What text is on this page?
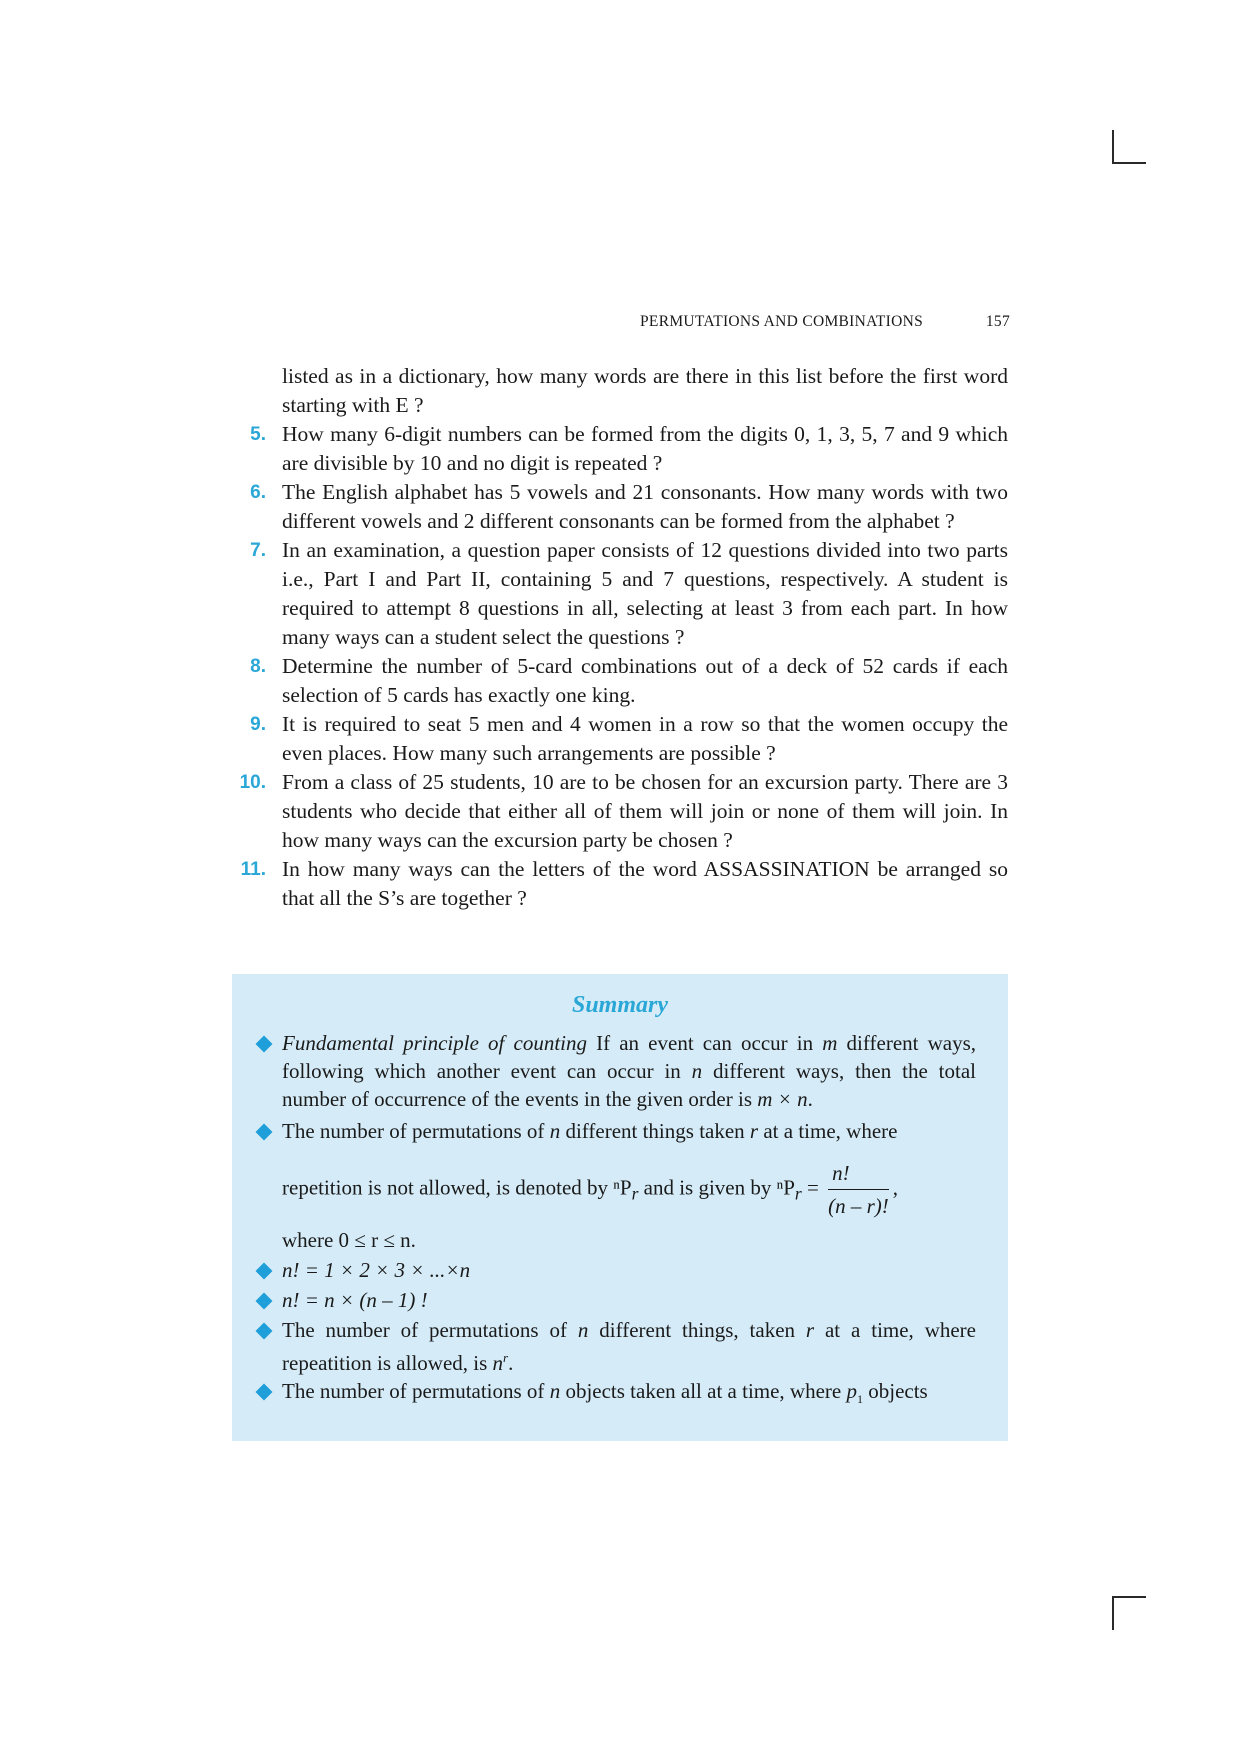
PERMUTATIONS AND COMBINATIONS	157
listed as in a dictionary, how many words are there in this list before the first word starting with E ?
5. How many 6-digit numbers can be formed from the digits 0, 1, 3, 5, 7 and 9 which are divisible by 10 and no digit is repeated ?
6. The English alphabet has 5 vowels and 21 consonants. How many words with two different vowels and 2 different consonants can be formed from the alphabet ?
7. In an examination, a question paper consists of 12 questions divided into two parts i.e., Part I and Part II, containing 5 and 7 questions, respectively. A student is required to attempt 8 questions in all, selecting at least 3 from each part. In how many ways can a student select the questions ?
8. Determine the number of 5-card combinations out of a deck of 52 cards if each selection of 5 cards has exactly one king.
9. It is required to seat 5 men and 4 women in a row so that the women occupy the even places. How many such arrangements are possible ?
10. From a class of 25 students, 10 are to be chosen for an excursion party. There are 3 students who decide that either all of them will join or none of them will join. In how many ways can the excursion party be chosen ?
11. In how many ways can the letters of the word ASSASSINATION be arranged so that all the S’s are together ?
Summary
Fundamental principle of counting If an event can occur in m different ways, following which another event can occur in n different ways, then the total number of occurrence of the events in the given order is m × n.
The number of permutations of n different things taken r at a time, where
repetition is not allowed, is denoted by ⁿP$_r$ and is given by $^nP_r = \frac{n!}{(n - r)!}$ ,
where 0 ≤ r ≤ n.
n! = 1 × 2 × 3 × ...×n
n! = n × (n – 1) !
The number of permutations of n different things, taken r at a time, where repeatition is allowed, is $n^r$.
The number of permutations of n objects taken all at a time, where $p_1$ objects
